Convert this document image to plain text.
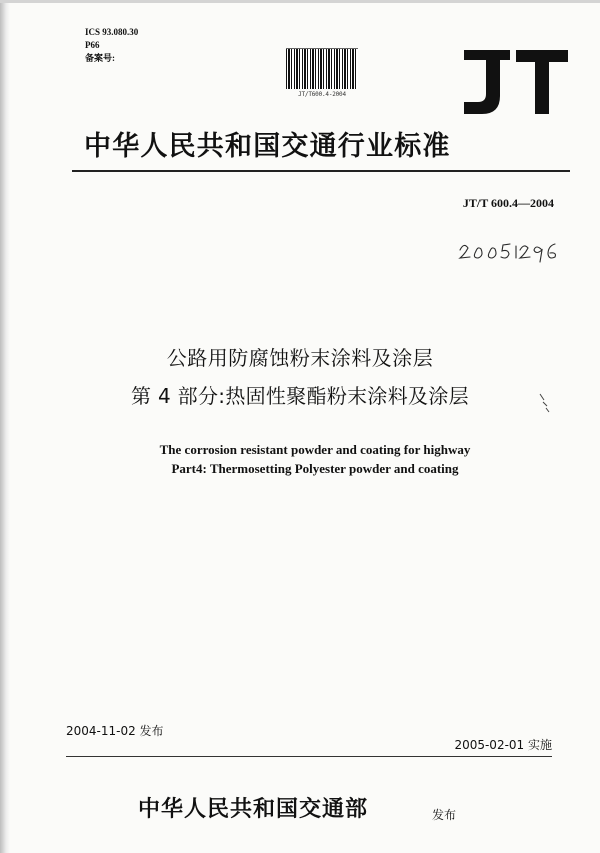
ICS 93.080.30
P66
备案号:
JT/T600.4-2004
中华人民共和国交通行业标准
JT/T 600.4—2004
公路用防腐蚀粉末涂料及涂层
第 4 部分:热固性聚酯粉末涂料及涂层
The corrosion resistant powder and coating for highway
Part4: Thermosetting Polyester powder and coating
2004-11-02 发布
2005-02-01 实施
中华人民共和国交通部	发布
